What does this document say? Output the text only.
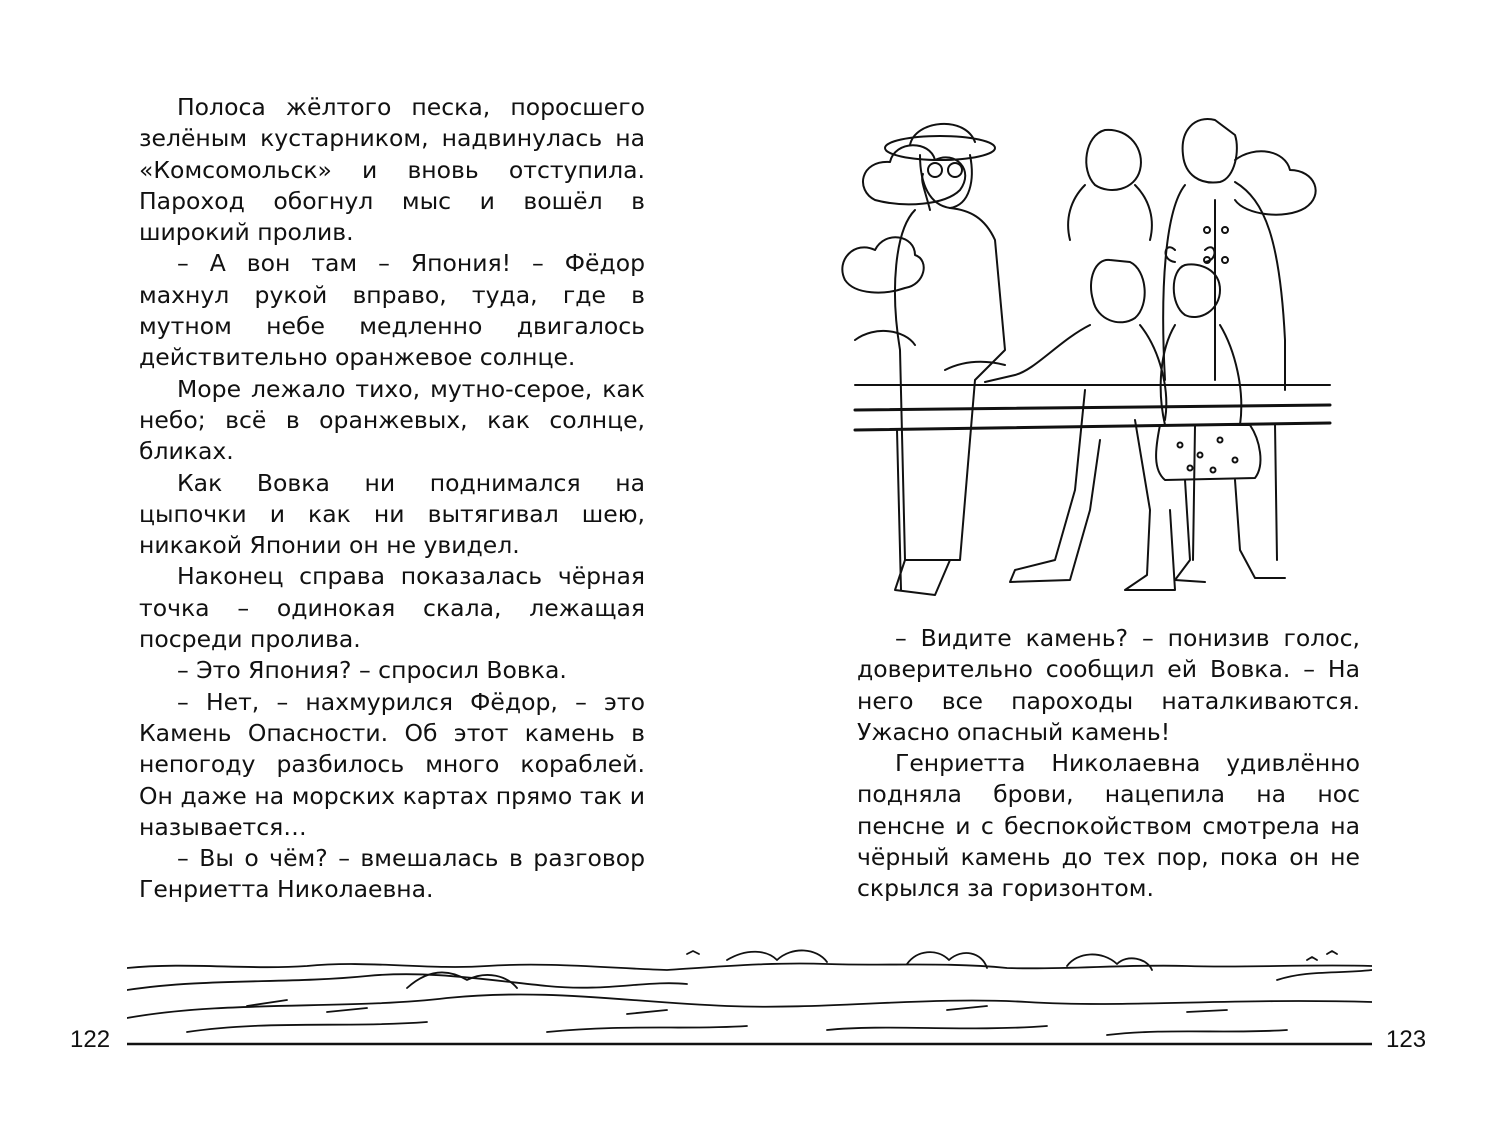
Полоса жёлтого песка, поросшего зелёным кустарником, надвинулась на «Комсомольск» и вновь отступила. Пароход обогнул мыс и вошёл в широкий пролив.

– А вон там – Япония! – Фёдор махнул рукой вправо, туда, где в мутном небе медленно двигалось действительно оранжевое солнце.

Море лежало тихо, мутно-серое, как небо; всё в оранжевых, как солнце, бликах.

Как Вовка ни поднимался на цыпочки и как ни вытягивал шею, никакой Японии он не увидел.

Наконец справа показалась чёрная точка – одинокая скала, лежащая посреди пролива.

– Это Япония? – спросил Вовка.

– Нет, – нахмурился Фёдор, – это Камень Опасности. Об этот камень в непогоду разбилось много кораблей. Он даже на морских картах прямо так и называется…

– Вы о чём? – вмешалась в разговор Генриетта Николаевна.

– Видите камень? – понизив голос, доверительно сообщил ей Вовка. – На него все пароходы наталкиваются. Ужасно опасный камень!

Генриетта Николаевна удивлённо подняла брови, нацепила на нос пенсне и с беспокойством смотрела на чёрный камень до тех пор, пока он не скрылся за горизонтом.

122	123
